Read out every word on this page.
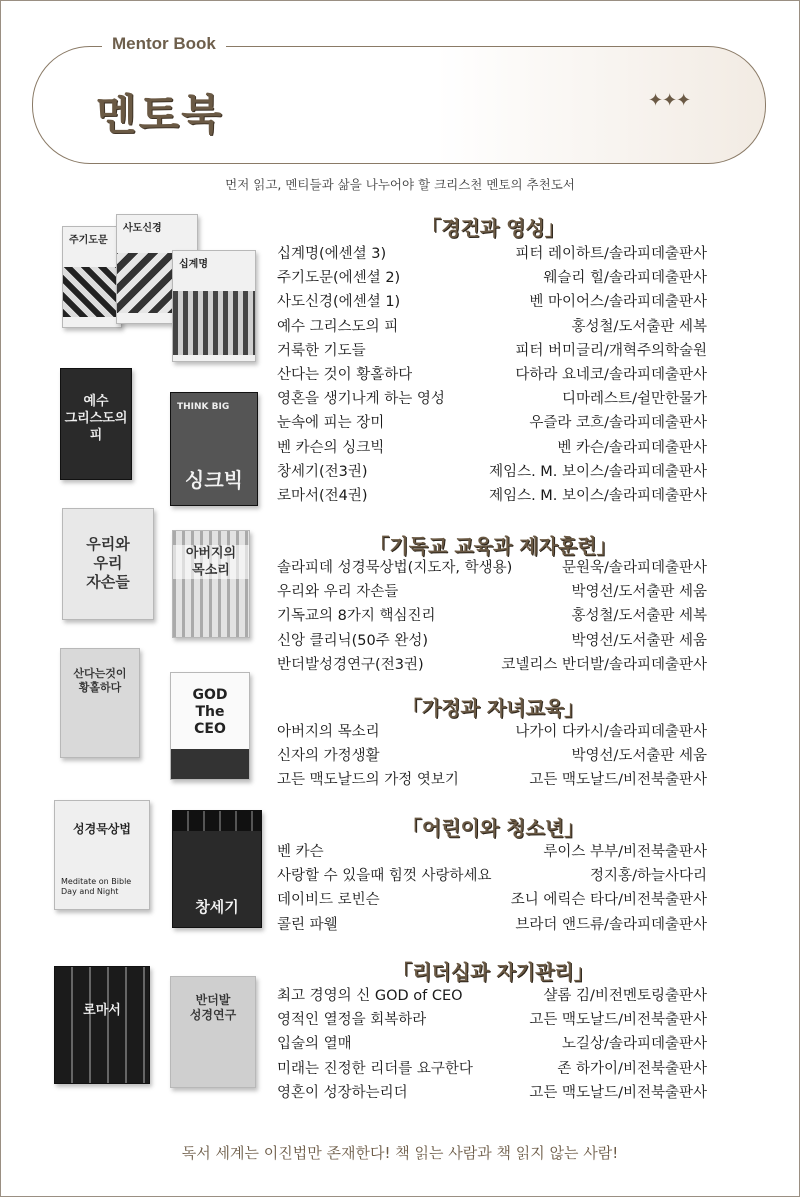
Mentor Book
멘토북	✦✦✦
먼저 읽고, 멘티들과 삶을 나누어야 할 크리스천 멘토의 추천도서
「경건과 영성」
「기독교 교육과 제자훈련」
「가정과 자녀교육」
「어린이와 청소년」
「리더십과 자기관리」
십계명(에센셜 3)	피터 레이하트/솔라피데출판사
주기도문(에센셜 2)	웨슬리 힐/솔라피데출판사
사도신경(에센셜 1)	벤 마이어스/솔라피데출판사
예수 그리스도의 피	홍성철/도서출판 세복
거룩한 기도들	피터 버미글리/개혁주의학술원
산다는 것이 황홀하다	다하라 요네코/솔라피데출판사
영혼을 생기나게 하는 영성	디마레스트/쉴만한물가
눈속에 피는 장미	우즐라 코흐/솔라피데출판사
벤 카슨의 싱크빅	벤 카슨/솔라피데출판사
창세기(전3권)	제임스. M. 보이스/솔라피데출판사
로마서(전4권)	제임스. M. 보이스/솔라피데출판사
솔라피데 성경묵상법(지도자, 학생용)	문원욱/솔라피데출판사
우리와 우리 자손들	박영선/도서출판 세움
기독교의 8가지 핵심진리	홍성철/도서출판 세복
신앙 클리닉(50주 완성)	박영선/도서출판 세움
반더발성경연구(전3권)	코넬리스 반더발/솔라피데출판사
아버지의 목소리	나가이 다카시/솔라피데출판사
신자의 가정생활	박영선/도서출판 세움
고든 맥도날드의 가정 엿보기	고든 맥도날드/비전북출판사
벤 카슨	루이스 부부/비전북출판사
사랑할 수 있을때 힘껏 사랑하세요	정지홍/하늘사다리
데이비드 로빈슨	조니 에릭슨 타다/비전북출판사
콜린 파웰	브라더 앤드류/솔라피데출판사
최고 경영의 신 GOD of CEO	샬롬 김/비전멘토링출판사
영적인 열정을 회복하라	고든 맥도날드/비전북출판사
입술의 열매	노길상/솔라피데출판사
미래는 진정한 리더를 요구한다	존 하가이/비전북출판사
영혼이 성장하는리더	고든 맥도날드/비전북출판사
주기도문
사도신경
십계명
예수
그리스도의
피
THINK BIG
싱크빅
우리와
우리
자손들
아버지의
목소리
산다는것이
황홀하다	GOD
The
CEO
성경묵상법
Meditate on Bible
Day and Night
창세기
로마서
반더발
성경연구
독서 세계는 이진법만 존재한다! 책 읽는 사람과 책 읽지 않는 사람!
